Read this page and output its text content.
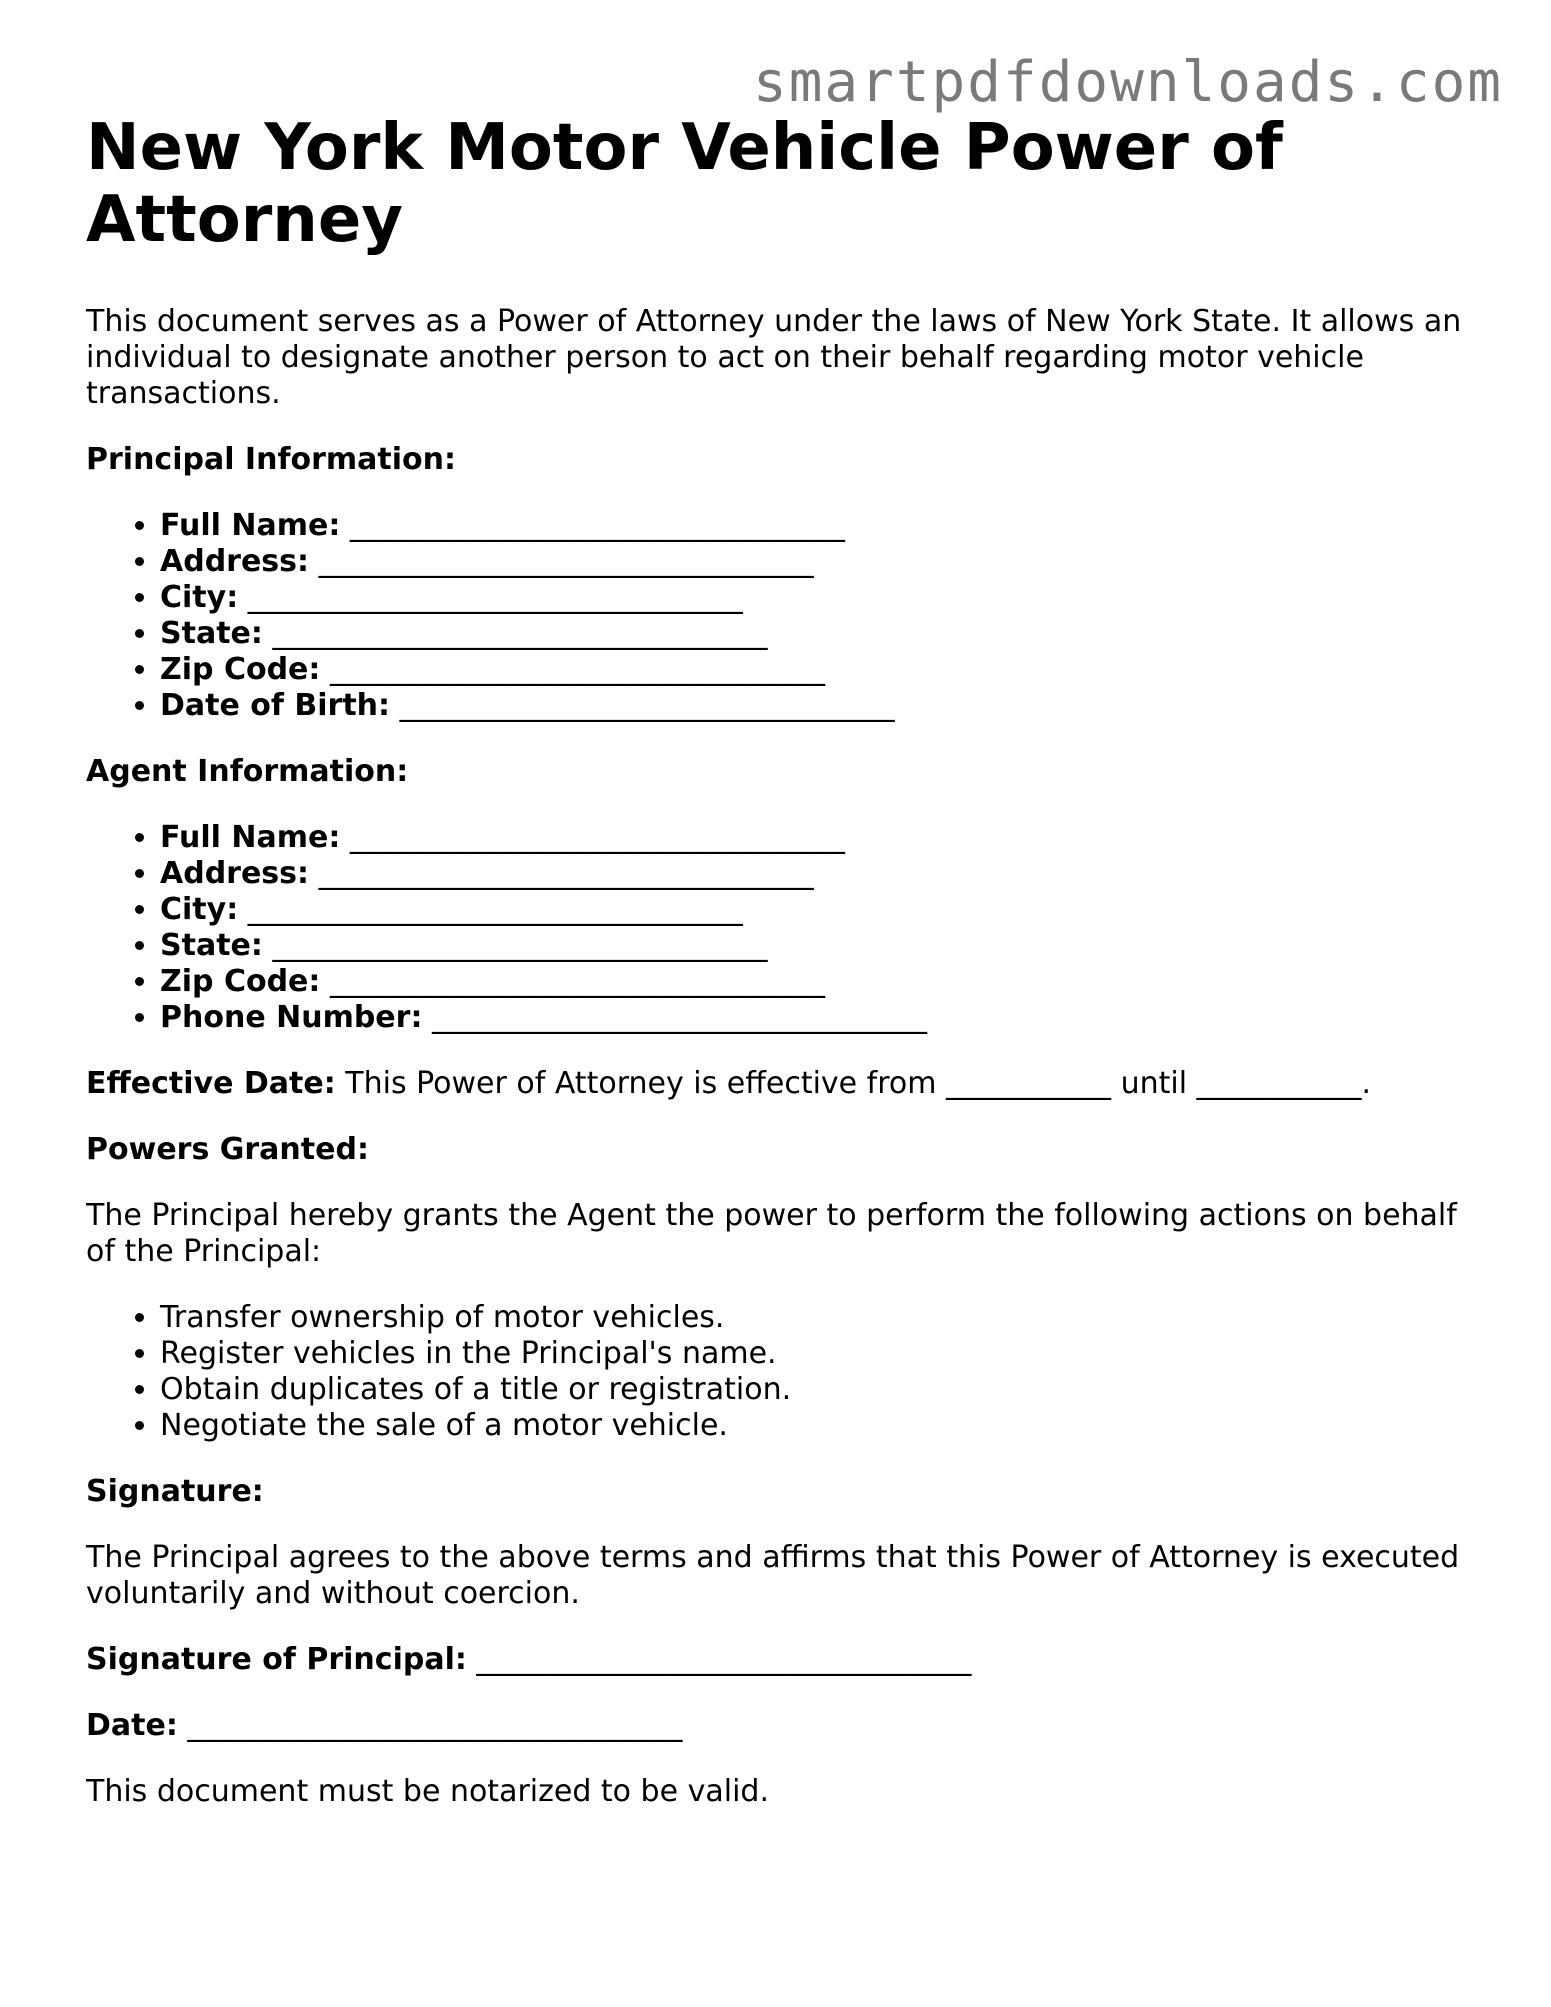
smartpdfdownloads.com
New York Motor Vehicle Power of Attorney

This document serves as a Power of Attorney under the laws of New York State. It allows an individual to designate another person to act on their behalf regarding motor vehicle transactions.

Principal Information:

• Full Name: _________________________________
• Address: _________________________________
• City: _________________________________
• State: _________________________________
• Zip Code: _________________________________
• Date of Birth: _________________________________

Agent Information:

• Full Name: _________________________________
• Address: _________________________________
• City: _________________________________
• State: _________________________________
• Zip Code: _________________________________
• Phone Number: _________________________________

Effective Date: This Power of Attorney is effective from ___________ until ___________.

Powers Granted:

The Principal hereby grants the Agent the power to perform the following actions on behalf of the Principal:

• Transfer ownership of motor vehicles.
• Register vehicles in the Principal's name.
• Obtain duplicates of a title or registration.
• Negotiate the sale of a motor vehicle.

Signature:

The Principal agrees to the above terms and affirms that this Power of Attorney is executed voluntarily and without coercion.

Signature of Principal: _________________________________

Date: _________________________________

This document must be notarized to be valid.
